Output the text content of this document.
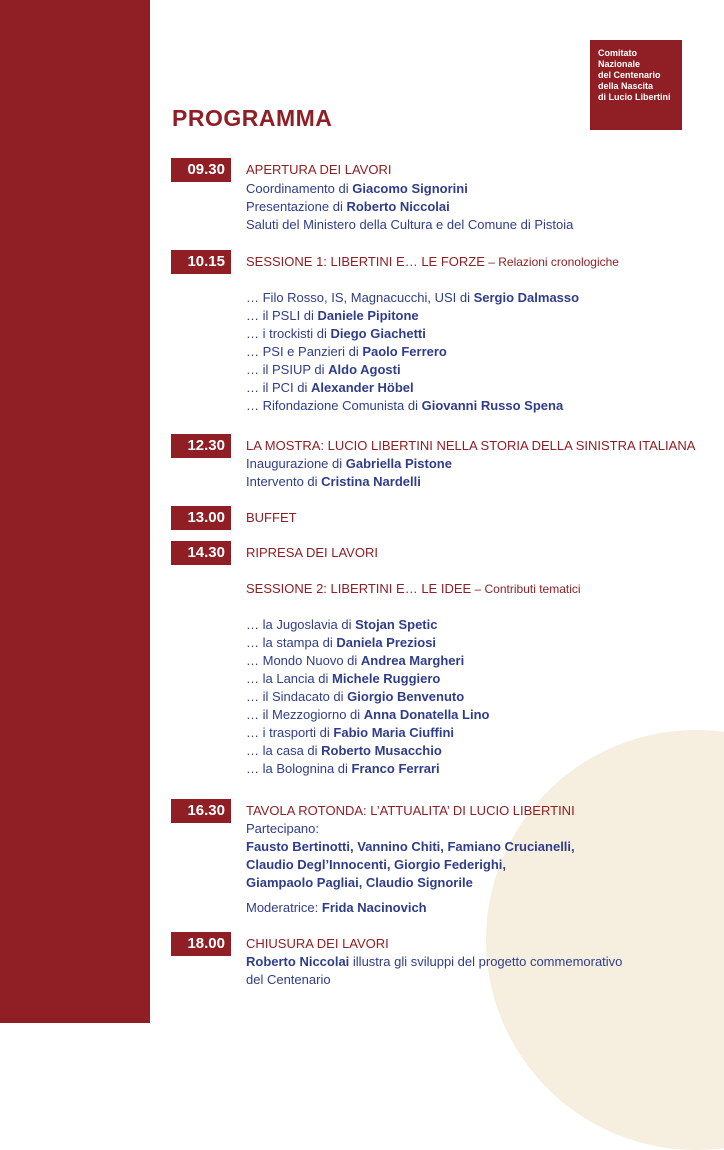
Comitato
Nazionale
del Centenario
della Nascita
di Lucio Libertini
PROGRAMMA
09.30	APERTURA DEI LAVORI
Coordinamento di Giacomo Signorini
Presentazione di Roberto Niccolai
Saluti del Ministero della Cultura e del Comune di Pistoia
10.15	SESSIONE 1: LIBERTINI E… LE FORZE – Relazioni cronologiche
… Filo Rosso, IS, Magnacucchi, USI di Sergio Dalmasso
… il PSLI di Daniele Pipitone
… i trockisti di Diego Giachetti
… PSI e Panzieri di Paolo Ferrero
… il PSIUP di Aldo Agosti
… il PCI di Alexander Höbel
… Rifondazione Comunista di Giovanni Russo Spena
12.30	LA MOSTRA: LUCIO LIBERTINI NELLA STORIA DELLA SINISTRA ITALIANA
Inaugurazione di Gabriella Pistone
Intervento di Cristina Nardelli
13.00	BUFFET
14.30	RIPRESA DEI LAVORI
SESSIONE 2: LIBERTINI E… LE IDEE – Contributi tematici
… la Jugoslavia di Stojan Spetic
… la stampa di Daniela Preziosi
… Mondo Nuovo di Andrea Margheri
… la Lancia di Michele Ruggiero
… il Sindacato di Giorgio Benvenuto
… il Mezzogiorno di Anna Donatella Lino
… i trasporti di Fabio Maria Ciuffini
… la casa di Roberto Musacchio
… la Bolognina di Franco Ferrari
16.30	TAVOLA ROTONDA: L’ATTUALITA’ DI LUCIO LIBERTINI
Partecipano:
Fausto Bertinotti, Vannino Chiti, Famiano Crucianelli,
Claudio Degl’Innocenti, Giorgio Federighi,
Giampaolo Pagliai, Claudio Signorile
Moderatrice: Frida Nacinovich
18.00	CHIUSURA DEI LAVORI
Roberto Niccolai illustra gli sviluppi del progetto commemorativo
del Centenario
